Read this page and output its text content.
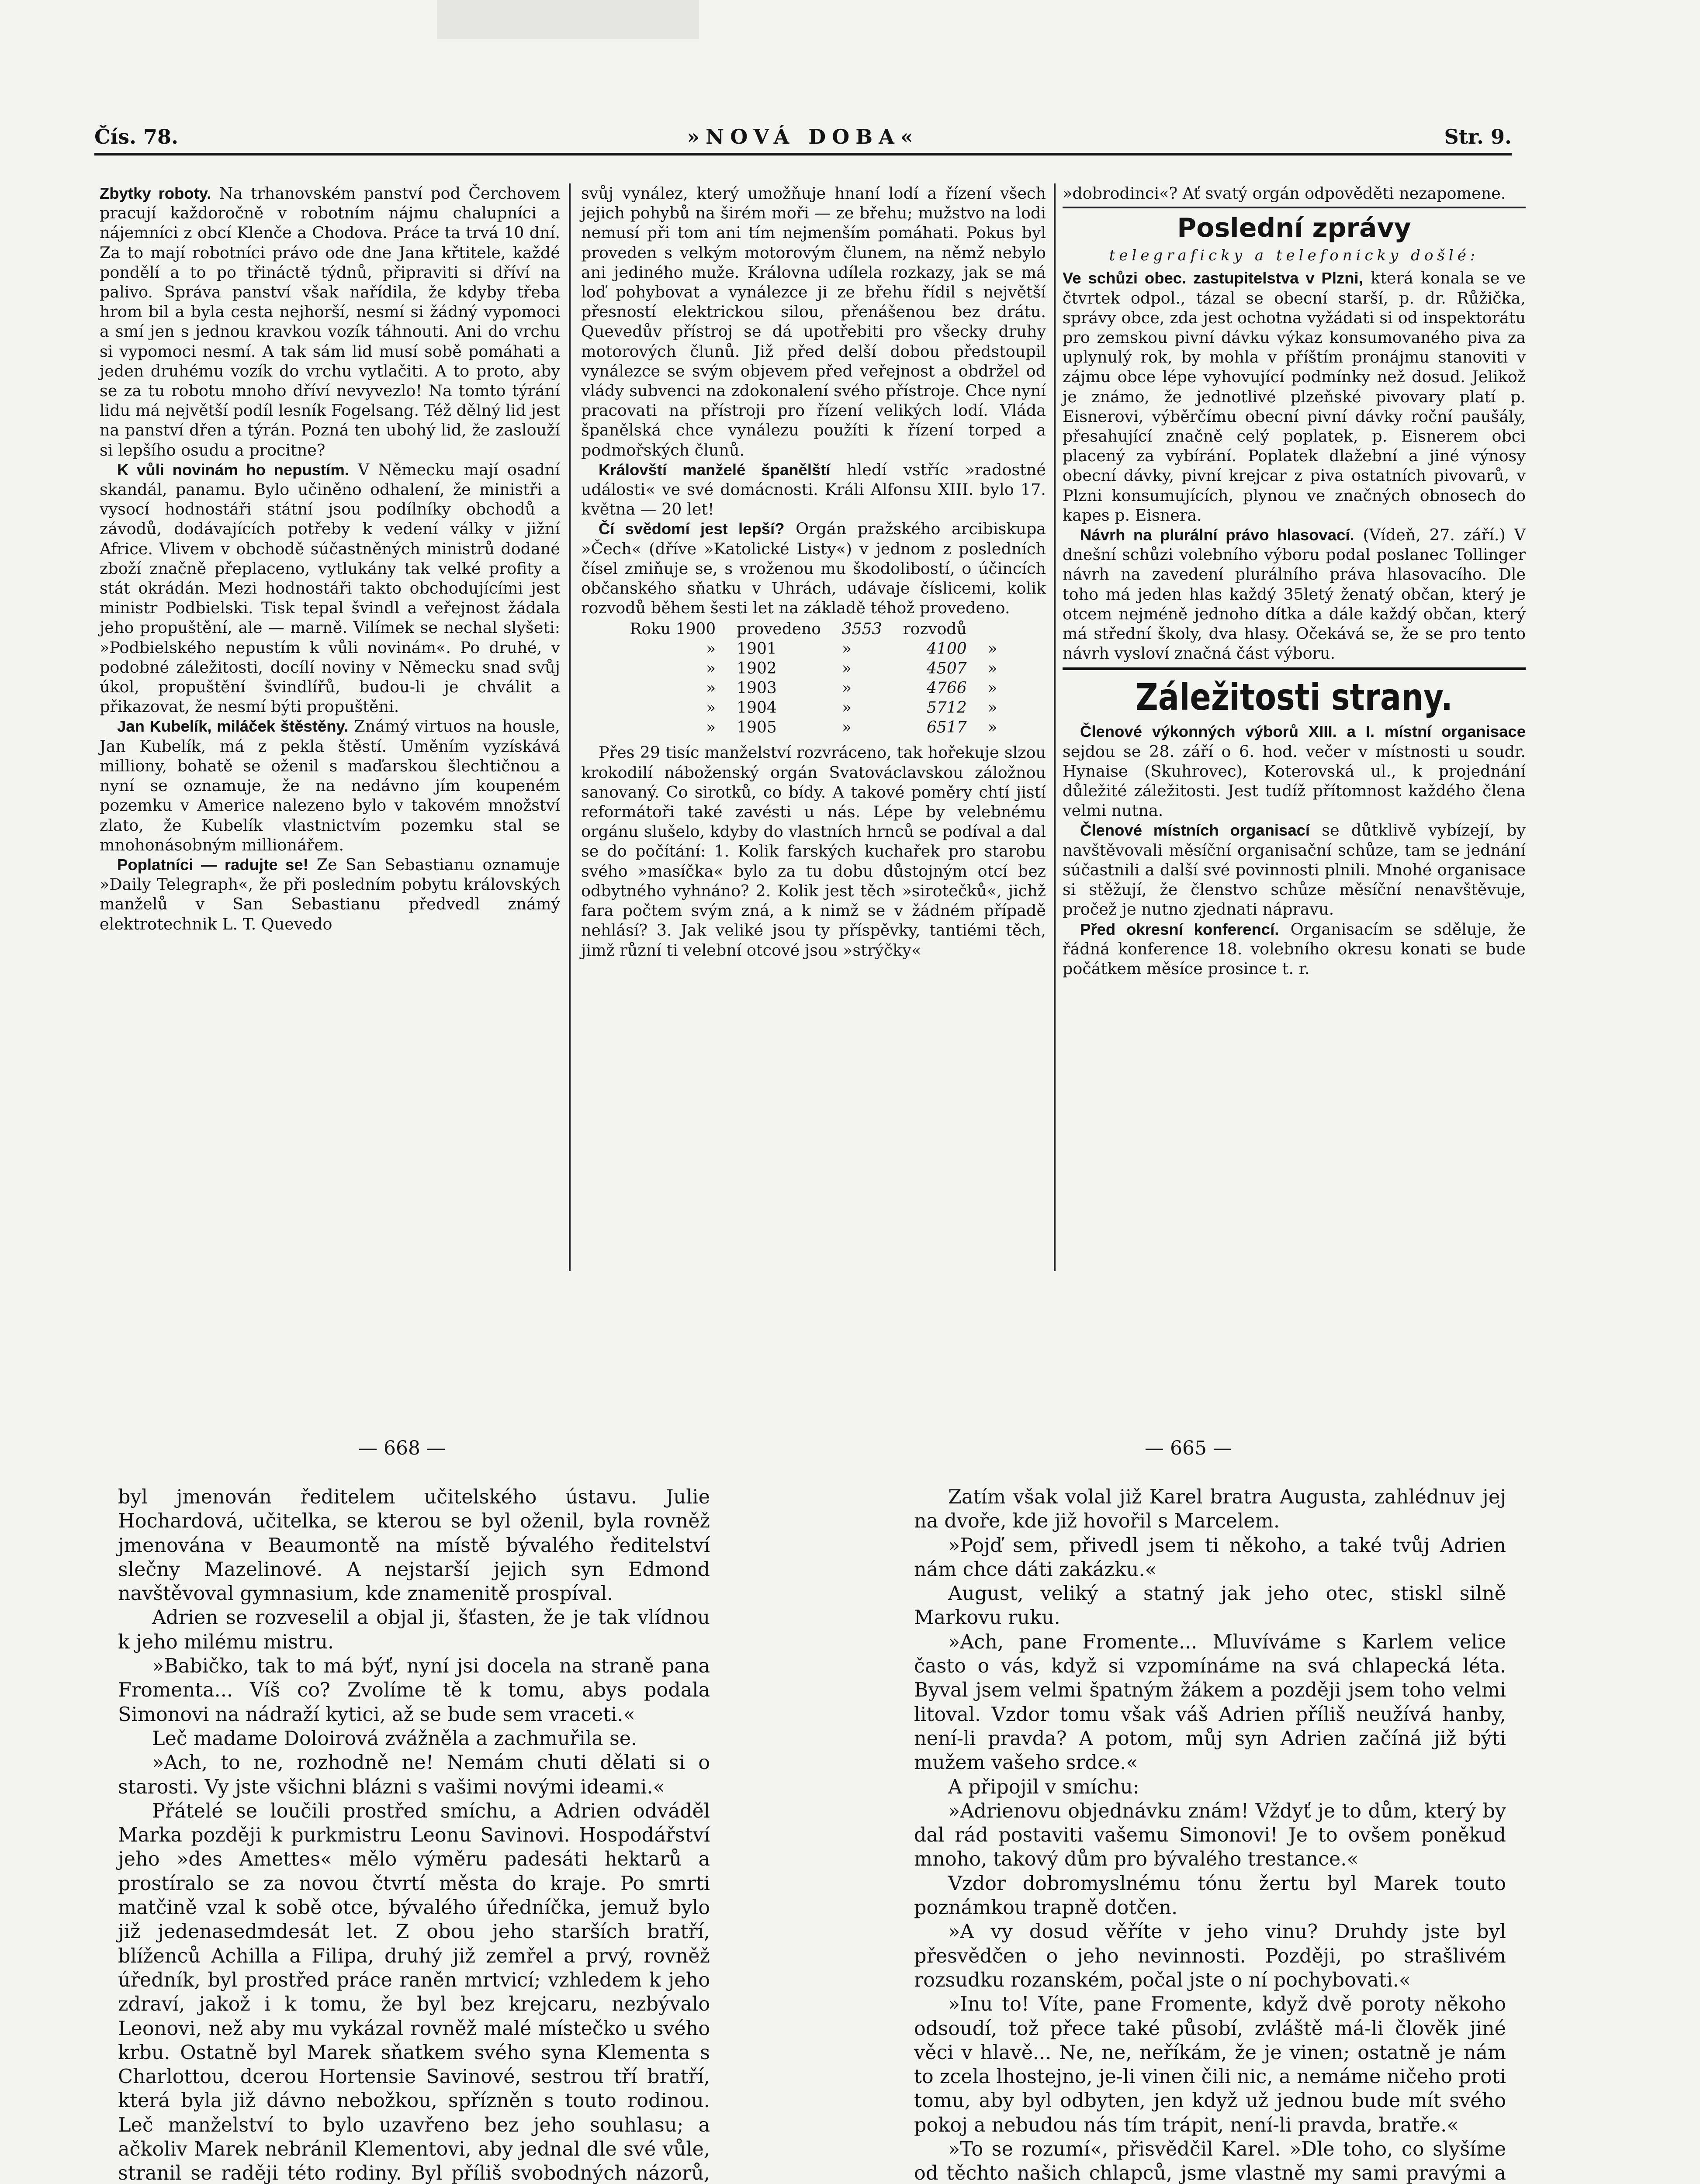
Čís. 78.	»NOVÁ DOBA«	Str. 9.

Zbytky roboty. Na trhanovském panství pod Čerchovem pracují každoročně v robotním nájmu chalupníci a nájemníci z obcí Klenče a Chodova. Práce ta trvá 10 dní. Za to mají robotníci právo ode dne Jana křtitele, každé pondělí a to po třináctě týdnů, připraviti si dříví na palivo. Správa panství však nařídila, že kdyby třeba hrom bil a byla cesta nejhorší, nesmí si žádný vypomoci a smí jen s jednou kravkou vozík táhnouti. Ani do vrchu si vypomoci nesmí. A tak sám lid musí sobě pomáhati a jeden druhému vozík do vrchu vytlačiti. A to proto, aby se za tu robotu mnoho dříví nevyvezlo! Na tomto týrání lidu má největší podíl lesník Fogelsang. Též dělný lid jest na panství dřen a týrán. Pozná ten ubohý lid, že zaslouží si lepšího osudu a procitne?

K vůli novinám ho nepustím. V Německu mají osadní skandál, panamu. Bylo učiněno odhalení, že ministři a vysocí hodnostáři státní jsou podílníky obchodů a závodů, dodávajících potřeby k vedení války v jižní Africe. Vlivem v obchodě súčastněných ministrů dodané zboží značně přeplaceno, vytlukány tak velké profity a stát okrádán. Mezi hodnostáři takto obchodujícími jest ministr Podbielski. Tisk tepal švindl a veřejnost žádala jeho propuštění, ale — marně. Vilímek se nechal slyšeti: »Podbielského nepustím k vůli novinám«. Po druhé, v podobné záležitosti, docílí noviny v Německu snad svůj úkol, propuštění švindlířů, budou-li je chválit a přikazovat, že nesmí býti propuštěni.

Jan Kubelík, miláček štěstěny. Známý virtuos na housle, Jan Kubelík, má z pekla štěstí. Uměním vyzískává milliony, bohatě se oženil s maďarskou šlechtičnou a nyní se oznamuje, že na nedávno jím koupeném pozemku v Americe nalezeno bylo v takovém množství zlato, že Kubelík vlastnictvím pozemku stal se mnohonásobným millionářem.

Poplatníci — radujte se! Ze San Sebastianu oznamuje »Daily Telegraph«, že při posledním pobytu královských manželů v San Sebastianu předvedl známý elektrotechnik L. T. Quevedo

svůj vynález, který umožňuje hnaní lodí a řízení všech jejich pohybů na širém moři — ze břehu; mužstvo na lodi nemusí při tom ani tím nejmenším pomáhati. Pokus byl proveden s velkým motorovým člunem, na němž nebylo ani jediného muže. Královna udílela rozkazy, jak se má loď pohybovat a vynálezce ji ze břehu řídil s největší přesností elektrickou silou, přenášenou bez drátu. Quevedův přístroj se dá upotřebiti pro všecky druhy motorových člunů. Již před delší dobou předstoupil vynálezce se svým objevem před veřejnost a obdržel od vlády subvenci na zdokonalení svého přístroje. Chce nyní pracovati na přístroji pro řízení velikých lodí. Vláda španělská chce vynálezu použíti k řízení torped a podmořských člunů.

Královští manželé španělští hledí vstříc »radostné události« ve své domácnosti. Králi Alfonsu XIII. bylo 17. května — 20 let!

Čí svědomí jest lepší? Orgán pražského arcibiskupa »Čech« (dříve »Katolické Listy«) v jednom z posledních čísel zmiňuje se, s vroženou mu škodolibostí, o účincích občanského sňatku v Uhrách, udávaje číslicemi, kolik rozvodů během šesti let na základě téhož provedeno.

Roku 1900	provedeno	3553	rozvodů	
»	1901	»	4100	»
»	1902	»	4507	»
»	1903	»	4766	»
»	1904	»	5712	»
»	1905	»	6517	»

Přes 29 tisíc manželství rozvráceno, tak hořekuje slzou krokodilí náboženský orgán Svatováclavskou záložnou sanovaný. Co sirotků, co bídy. A takové poměry chtí jistí reformátoři také zavésti u nás. Lépe by velebnému orgánu slušelo, kdyby do vlastních hrnců se podíval a dal se do počítání: 1. Kolik farských kuchařek pro starobu svého »masíčka« bylo za tu dobu důstojným otcí bez odbytného vyhnáno? 2. Kolik jest těch »sirotečků«, jichž fara počtem svým zná, a k nimž se v žádném případě nehlásí? 3. Jak veliké jsou ty příspěvky, tantiémi těch, jimž různí ti velební otcové jsou »strýčky«

»dobrodinci«? Ať svatý orgán odpověděti nezapomene.

Poslední zprávy
telegraficky a telefonicky došlé:

Ve schůzi obec. zastupitelstva v Plzni, která konala se ve čtvrtek odpol., tázal se obecní starší, p. dr. Růžička, správy obce, zda jest ochotna vyžádati si od inspektorátu pro zemskou pivní dávku výkaz konsumovaného piva za uplynulý rok, by mohla v příštím pronájmu stanoviti v zájmu obce lépe vyhovující podmínky než dosud. Jelikož je známo, že jednotlivé plzeňské pivovary platí p. Eisnerovi, výběrčímu obecní pivní dávky roční paušály, přesahující značně celý poplatek, p. Eisnerem obci placený za vybírání. Poplatek dlažební a jiné výnosy obecní dávky, pivní krejcar z piva ostatních pivovarů, v Plzni konsumujících, plynou ve značných obnosech do kapes p. Eisnera.

Návrh na plurální právo hlasovací. (Vídeň, 27. září.) V dnešní schůzi volebního výboru podal poslanec Tollinger návrh na zavedení plurálního práva hlasovacího. Dle toho má jeden hlas každý 35letý ženatý občan, který je otcem nejméně jednoho dítka a dále každý občan, který má střední školy, dva hlasy. Očekává se, že se pro tento návrh vysloví značná část výboru.

Záležitosti strany.

Členové výkonných výborů XIII. a I. místní organisace sejdou se 28. září o 6. hod. večer v místnosti u soudr. Hynaise (Skuhrovec), Koterovská ul., k projednání důležité záležitosti. Jest tudíž přítomnost každého člena velmi nutna.

Členové místních organisací se důtklivě vybízejí, by navštěvovali měsíční organisační schůze, tam se jednání súčastnili a další své povinnosti plnili. Mnohé organisace si stěžují, že členstvo schůze měsíční nenavštěvuje, pročež je nutno zjednati nápravu.

Před okresní konferencí. Organisacím se sděluje, že řádná konference 18. volebního okresu konati se bude počátkem měsíce prosince t. r.

— 668 —	— 665 —

byl jmenován ředitelem učitelského ústavu. Julie Hochardová, učitelka, se kterou se byl oženil, byla rovněž jmenována v Beaumontě na místě bývalého ředitelství slečny Mazelinové. A nejstarší jejich syn Edmond navštěvoval gymnasium, kde znamenitě prospíval.

Adrien se rozveselil a objal ji, šťasten, že je tak vlídnou k jeho milému mistru.

»Babičko, tak to má býť, nyní jsi docela na straně pana Fromenta... Víš co? Zvolíme tě k tomu, abys podala Simonovi na nádraží kytici, až se bude sem vraceti.«

Leč madame Doloirová zvážněla a zachmuřila se.

»Ach, to ne, rozhodně ne! Nemám chuti dělati si o starosti. Vy jste všichni blázni s vašimi novými ideami.«

Přátelé se loučili prostřed smíchu, a Adrien odváděl Marka později k purkmistru Leonu Savinovi. Hospodářství jeho »des Amettes« mělo výměru padesáti hektarů a prostíralo se za novou čtvrtí města do kraje. Po smrti matčině vzal k sobě otce, bývalého úředníčka, jemuž bylo již jedenasedmdesát let. Z obou jeho starších bratří, blíženců Achilla a Filipa, druhý již zemřel a prvý, rovněž úředník, byl prostřed práce raněn mrtvicí; vzhledem k jeho zdraví, jakož i k tomu, že byl bez krejcaru, nezbývalo Leonovi, než aby mu vykázal rovněž malé místečko u svého krbu. Ostatně byl Marek sňatkem svého syna Klementa s Charlottou, dcerou Hortensie Savinové, sestrou tří bratří, která byla již dávno nebožkou, spřízněn s touto rodinou. Leč manželství to bylo uzavřeno bez jeho souhlasu; a ačkoliv Marek nebránil Klementovi, aby jednal dle své vůle, stranil se raději této rodiny. Byl příliš svobodných názorů,

Zatím však volal již Karel bratra Augusta, zahlédnuv jej na dvoře, kde již hovořil s Marcelem.

»Pojď sem, přivedl jsem ti někoho, a také tvůj Adrien nám chce dáti zakázku.«

August, veliký a statný jak jeho otec, stiskl silně Markovu ruku.

»Ach, pane Fromente... Mluvíváme s Karlem velice často o vás, když si vzpomínáme na svá chlapecká léta. Byval jsem velmi špatným žákem a později jsem toho velmi litoval. Vzdor tomu však váš Adrien příliš neužívá hanby, není-li pravda? A potom, můj syn Adrien začíná již býti mužem vašeho srdce.«

A připojil v smíchu:

»Adrienovu objednávku znám! Vždyť je to dům, který by dal rád postaviti vašemu Simonovi! Je to ovšem poněkud mnoho, takový dům pro bývalého trestance.«

Vzdor dobromyslnému tónu žertu byl Marek touto poznámkou trapně dotčen.

»A vy dosud věříte v jeho vinu? Druhdy jste byl přesvědčen o jeho nevinnosti. Později, po strašlivém rozsudku rozanském, počal jste o ní pochybovati.«

»Inu to! Víte, pane Fromente, když dvě poroty někoho odsoudí, tož přece také působí, zvláště má-li člověk jiné věci v hlavě... Ne, ne, neříkám, že je vinen; ostatně je nám to zcela lhostejno, je-li vinen čili nic, a nemáme ničeho proti tomu, aby byl odbyten, jen když už jednou bude mít svého pokoj a nebudou nás tím trápit, není-li pravda, bratře.«

»To se rozumí«, přisvědčil Karel. »Dle toho, co slyšíme od těchto našich chlapců, jsme vlastně my sami pravými a
